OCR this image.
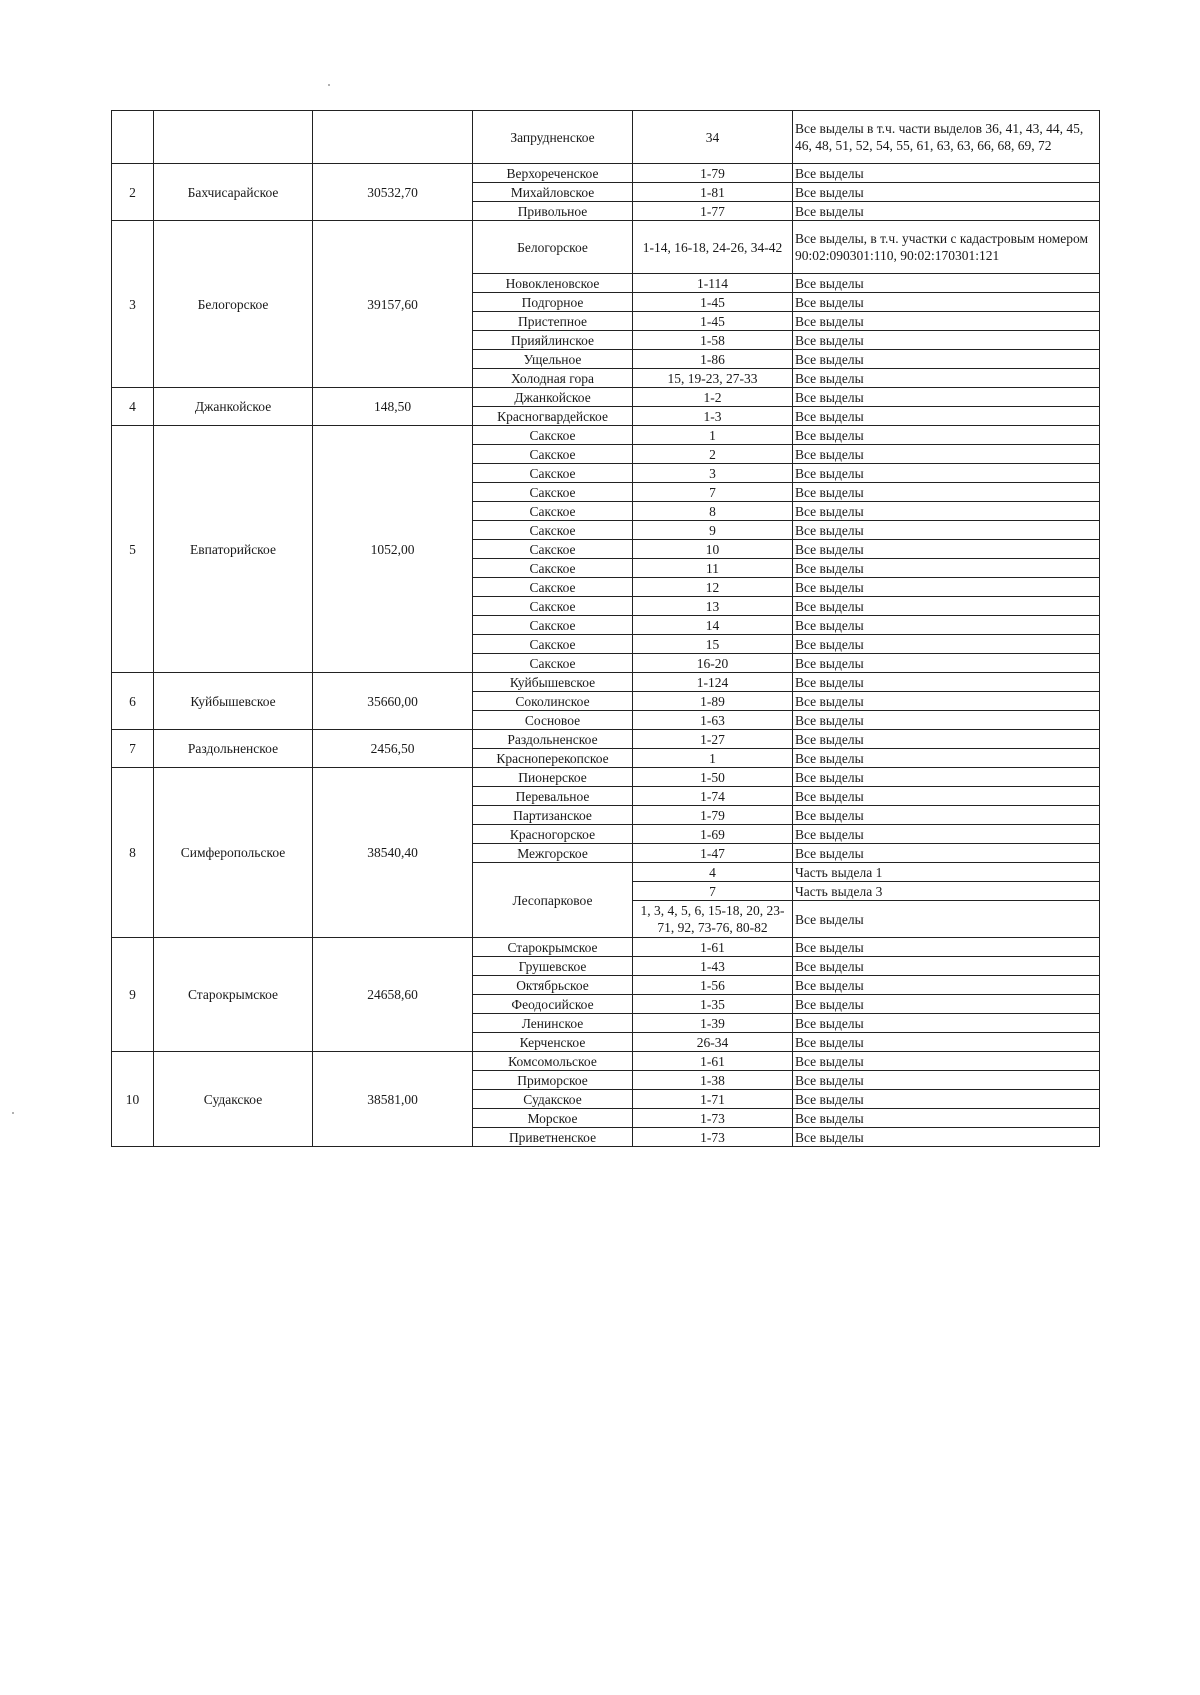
			Запрудненское	34	Все выделы в т.ч. части выделов 36, 41, 43, 44, 45, 46, 48, 51, 52, 54, 55, 61, 63, 63, 66, 68, 69, 72
2	Бахчисарайское	30532,70	Верхореченское	1-79	Все выделы
			Михайловское	1-81	Все выделы
			Привольное	1-77	Все выделы
3	Белогорское	39157,60	Белогорское	1-14, 16-18, 24-26, 34-42	Все выделы, в т.ч. участки с кадастровым номером 90:02:090301:110, 90:02:170301:121
			Новокленовское	1-114	Все выделы
			Подгорное	1-45	Все выделы
			Пристепное	1-45	Все выделы
			Прияйлинское	1-58	Все выделы
			Ущельное	1-86	Все выделы
			Холодная гора	15, 19-23, 27-33	Все выделы
4	Джанкойское	148,50	Джанкойское	1-2	Все выделы
			Красногвардейское	1-3	Все выделы
5	Евпаторийское	1052,00	Сакское	1	Все выделы
			Сакское	2	Все выделы
			Сакское	3	Все выделы
			Сакское	7	Все выделы
			Сакское	8	Все выделы
			Сакское	9	Все выделы
			Сакское	10	Все выделы
			Сакское	11	Все выделы
			Сакское	12	Все выделы
			Сакское	13	Все выделы
			Сакское	14	Все выделы
			Сакское	15	Все выделы
			Сакское	16-20	Все выделы
6	Куйбышевское	35660,00	Куйбышевское	1-124	Все выделы
			Соколинское	1-89	Все выделы
			Сосновое	1-63	Все выделы
7	Раздольненское	2456,50	Раздольненское	1-27	Все выделы
			Красноперекопское	1	Все выделы
8	Симферопольское	38540,40	Пионерское	1-50	Все выделы
			Перевальное	1-74	Все выделы
			Партизанское	1-79	Все выделы
			Красногорское	1-69	Все выделы
			Межгорское	1-47	Все выделы
			Лесопарковое	4	Часть выдела 1
				7	Часть выдела 3
				1, 3, 4, 5, 6, 15-18, 20, 23-71, 92, 73-76, 80-82	Все выделы
9	Старокрымское	24658,60	Старокрымское	1-61	Все выделы
			Грушевское	1-43	Все выделы
			Октябрьское	1-56	Все выделы
			Феодосийское	1-35	Все выделы
			Ленинское	1-39	Все выделы
			Керченское	26-34	Все выделы
10	Судакское	38581,00	Комсомольское	1-61	Все выделы
			Приморское	1-38	Все выделы
			Судакское	1-71	Все выделы
			Морское	1-73	Все выделы
			Приветненское	1-73	Все выделы
